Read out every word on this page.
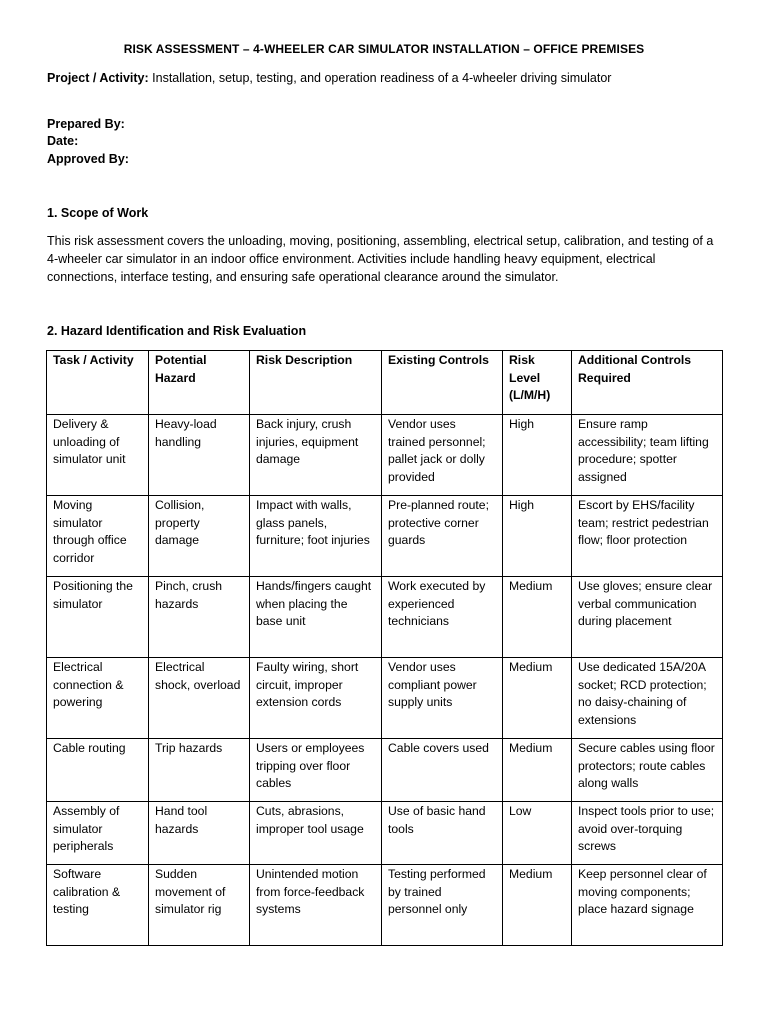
RISK ASSESSMENT – 4-WHEELER CAR SIMULATOR INSTALLATION – OFFICE PREMISES
Project / Activity: Installation, setup, testing, and operation readiness of a 4-wheeler driving simulator
Prepared By:
Date:
Approved By:
1. Scope of Work
This risk assessment covers the unloading, moving, positioning, assembling, electrical setup, calibration, and testing of a 4-wheeler car simulator in an indoor office environment. Activities include handling heavy equipment, electrical connections, interface testing, and ensuring safe operational clearance around the simulator.
2. Hazard Identification and Risk Evaluation
Task / Activity	Potential Hazard	Risk Description	Existing Controls	Risk Level (L/M/H)	Additional Controls Required
Delivery & unloading of simulator unit	Heavy-load handling	Back injury, crush injuries, equipment damage	Vendor uses trained personnel; pallet jack or dolly provided	High	Ensure ramp accessibility; team lifting procedure; spotter assigned
Moving simulator through office corridor	Collision, property damage	Impact with walls, glass panels, furniture; foot injuries	Pre-planned route; protective corner guards	High	Escort by EHS/facility team; restrict pedestrian flow; floor protection
Positioning the simulator	Pinch, crush hazards	Hands/fingers caught when placing the base unit	Work executed by experienced technicians	Medium	Use gloves; ensure clear verbal communication during placement
Electrical connection & powering	Electrical shock, overload	Faulty wiring, short circuit, improper extension cords	Vendor uses compliant power supply units	Medium	Use dedicated 15A/20A socket; RCD protection; no daisy-chaining of extensions
Cable routing	Trip hazards	Users or employees tripping over floor cables	Cable covers used	Medium	Secure cables using floor protectors; route cables along walls
Assembly of simulator peripherals	Hand tool hazards	Cuts, abrasions, improper tool usage	Use of basic hand tools	Low	Inspect tools prior to use; avoid over-torquing screws
Software calibration & testing	Sudden movement of simulator rig	Unintended motion from force-feedback systems	Testing performed by trained personnel only	Medium	Keep personnel clear of moving components; place hazard signage
